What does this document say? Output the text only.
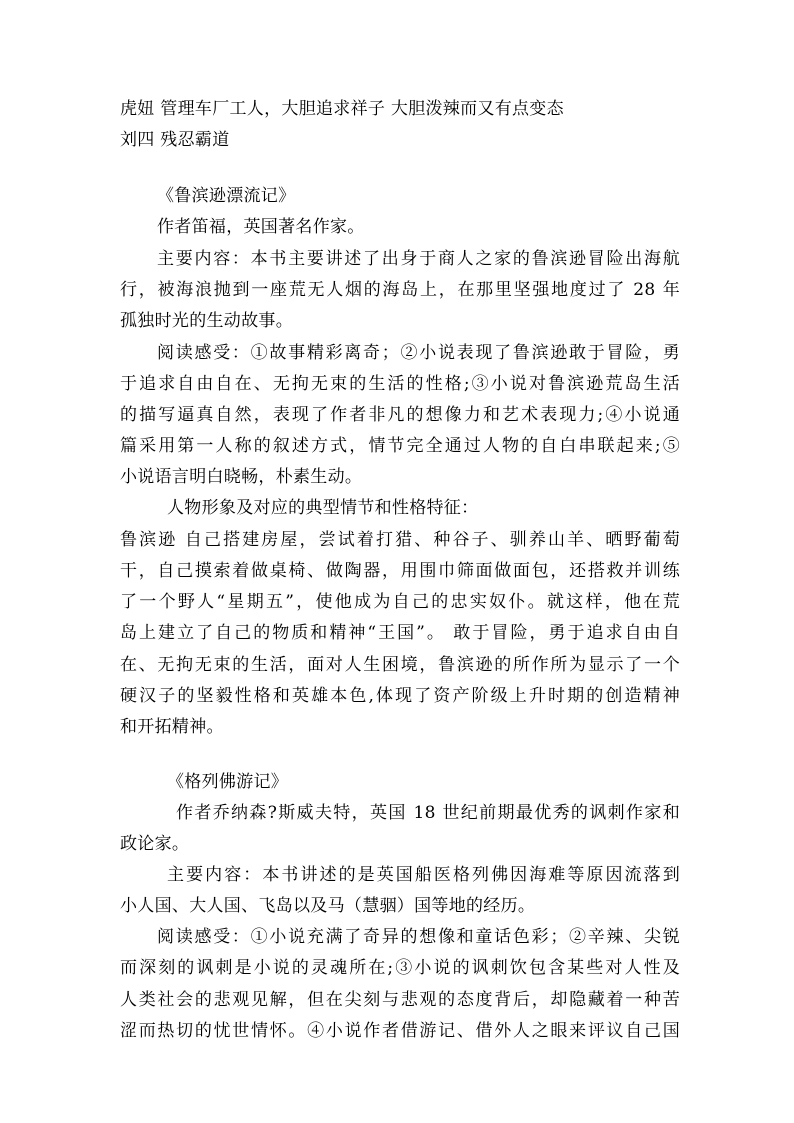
虎妞 管理车厂工人，大胆追求祥子 大胆泼辣而又有点变态
刘四 残忍霸道
《鲁滨逊漂流记》
作者笛福，英国著名作家。
主要内容：本书主要讲述了出身于商人之家的鲁滨逊冒险出海航
行，被海浪抛到一座荒无人烟的海岛上，在那里坚强地度过了 28 年
孤独时光的生动故事。
阅读感受：①故事精彩离奇；②小说表现了鲁滨逊敢于冒险，勇
于追求自由自在、无拘无束的生活的性格;③小说对鲁滨逊荒岛生活
的描写逼真自然，表现了作者非凡的想像力和艺术表现力;④小说通
篇采用第一人称的叙述方式，情节完全通过人物的自白串联起来;⑤
小说语言明白晓畅，朴素生动。
人物形象及对应的典型情节和性格特征：
鲁滨逊 自己搭建房屋，尝试着打猎、种谷子、驯养山羊、晒野葡萄
干，自己摸索着做桌椅、做陶器，用围巾筛面做面包，还搭救并训练
了一个野人“星期五”，使他成为自己的忠实奴仆。就这样，他在荒
岛上建立了自己的物质和精神“王国”。 敢于冒险，勇于追求自由自
在、无拘无束的生活，面对人生困境，鲁滨逊的所作所为显示了一个
硬汉子的坚毅性格和英雄本色,体现了资产阶级上升时期的创造精神
和开拓精神。
《格列佛游记》
作者乔纳森?斯威夫特，英国 18 世纪前期最优秀的讽刺作家和
政论家。
主要内容：本书讲述的是英国船医格列佛因海难等原因流落到
小人国、大人国、飞岛以及马（慧骃）国等地的经历。
阅读感受：①小说充满了奇异的想像和童话色彩；②辛辣、尖锐
而深刻的讽刺是小说的灵魂所在;③小说的讽刺饮包含某些对人性及
人类社会的悲观见解，但在尖刻与悲观的态度背后，却隐藏着一种苦
涩而热切的忧世情怀。④小说作者借游记、借外人之眼来评议自己国
